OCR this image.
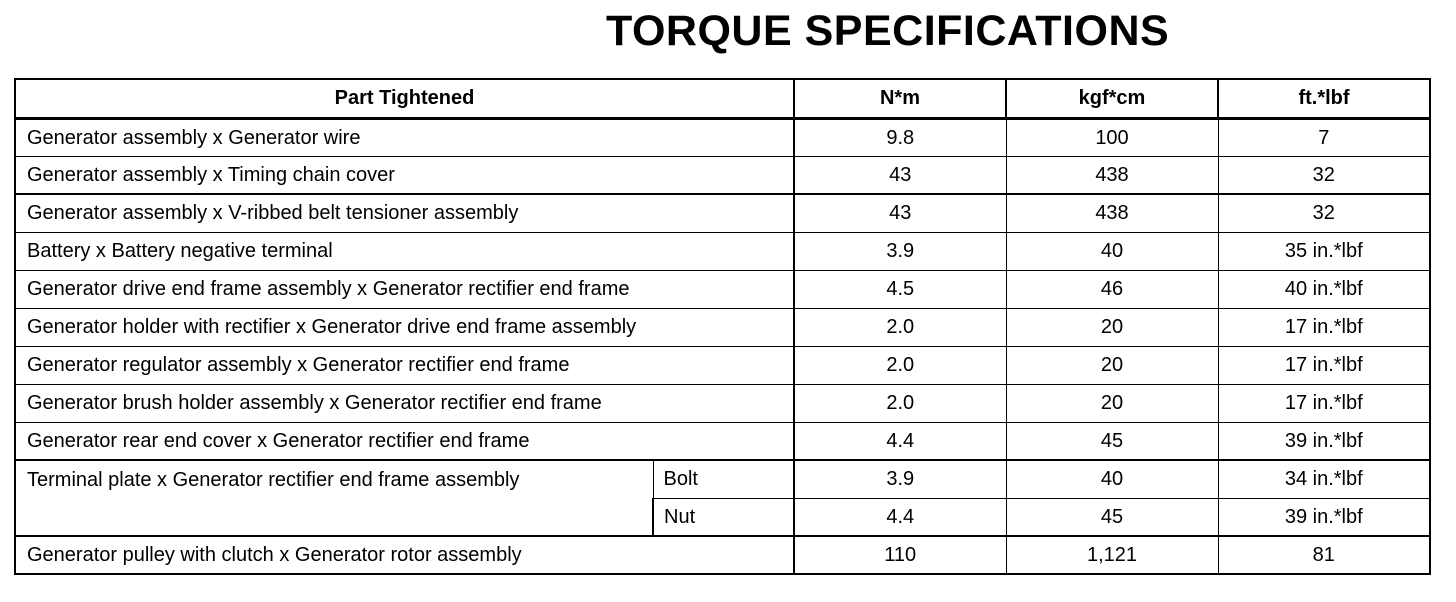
TORQUE SPECIFICATIONS
Part Tightened		N*m	kgf*cm	ft.*lbf
Generator assembly x Generator wire		9.8	100	7
Generator assembly x Timing chain cover		43	438	32
Generator assembly x V-ribbed belt tensioner assembly		43	438	32
Battery x Battery negative terminal		3.9	40	35 in.*lbf
Generator drive end frame assembly x Generator rectifier end frame		4.5	46	40 in.*lbf
Generator holder with rectifier x Generator drive end frame assembly		2.0	20	17 in.*lbf
Generator regulator assembly x Generator rectifier end frame		2.0	20	17 in.*lbf
Generator brush holder assembly x Generator rectifier end frame		2.0	20	17 in.*lbf
Generator rear end cover x Generator rectifier end frame		4.4	45	39 in.*lbf
Terminal plate x Generator rectifier end frame assembly	Bolt	3.9	40	34 in.*lbf
	Nut	4.4	45	39 in.*lbf
Generator pulley with clutch x Generator rotor assembly		110	1,121	81
